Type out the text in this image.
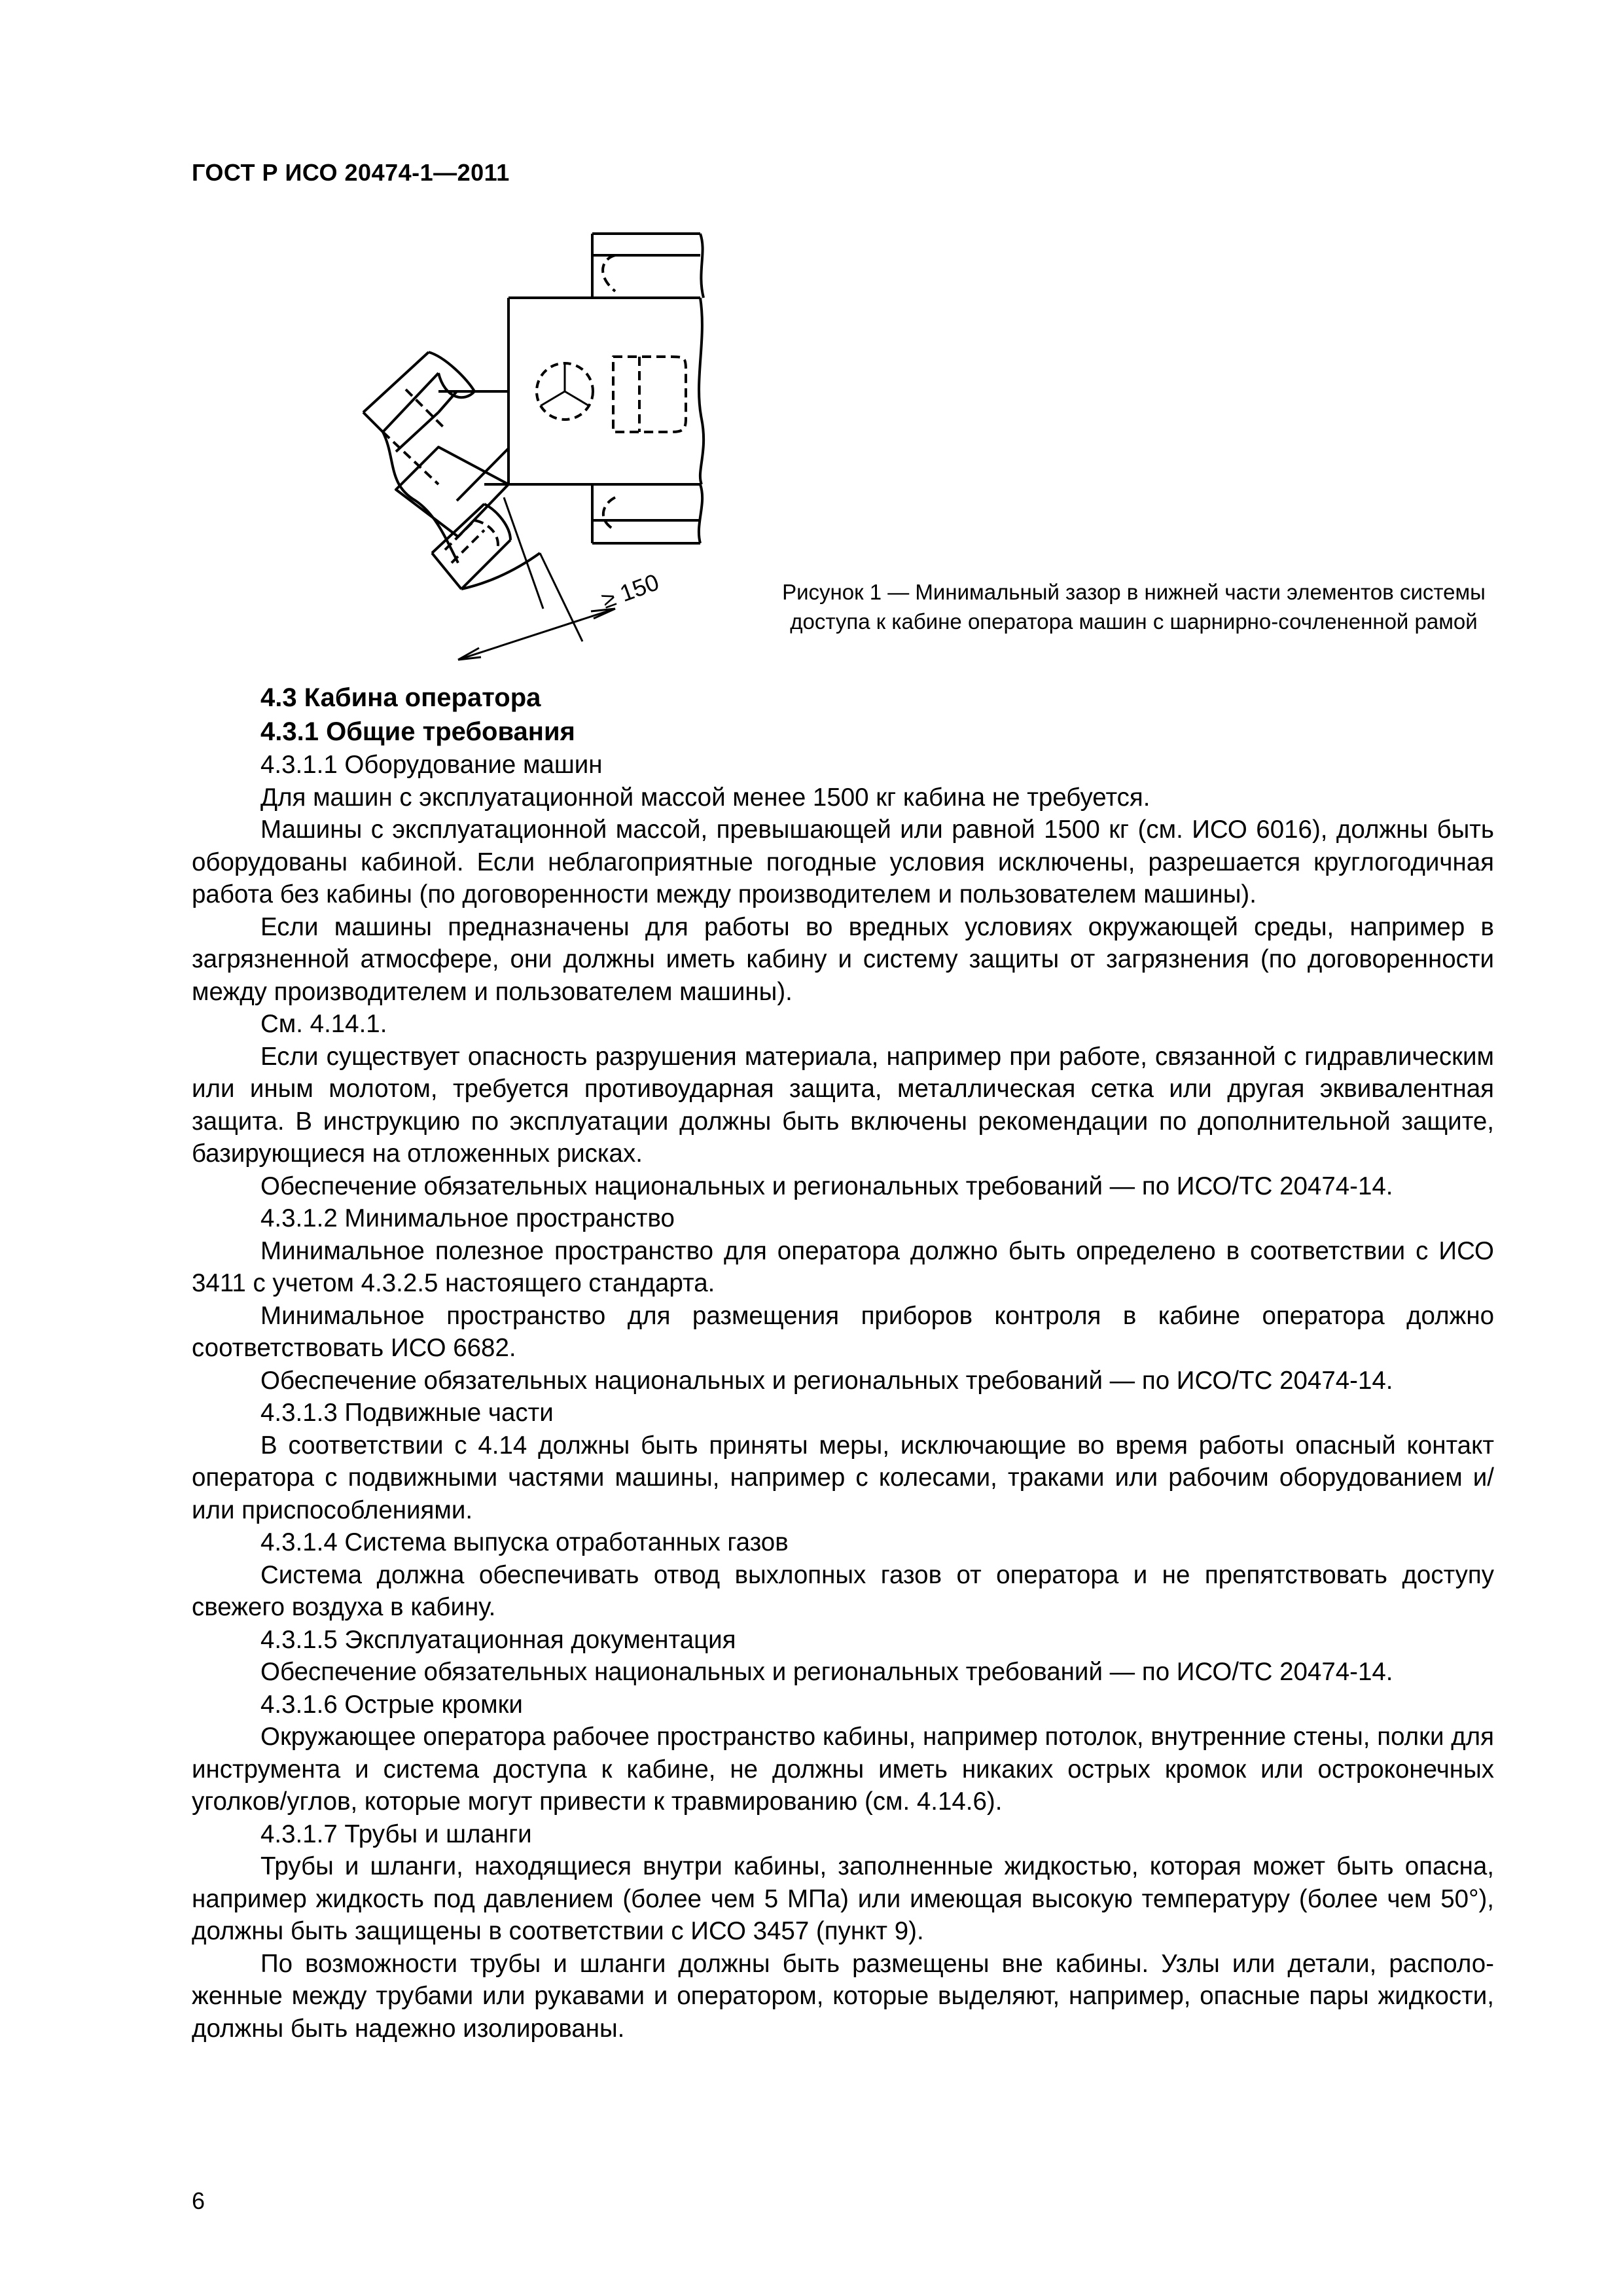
ГОСТ Р ИСО 20474-1—2011
≥ 150	Рисунок 1 — Минимальный зазор в нижней части элементов системы доступа к кабине оператора машин с шарнирно-сочлененной рамой

4.3 Кабина оператора

4.3.1 Общие требования

4.3.1.1 Оборудование машин

Для машин с эксплуатационной массой менее 1500 кг кабина не требуется.

Машины с эксплуатационной массой, превышающей или равной 1500 кг (см. ИСО 6016), должны быть оборудованы кабиной. Если неблагоприятные погодные условия исключены, разрешается круглогодичная работа без кабины (по договоренности между производителем и пользователем машины).

Если машины предназначены для работы во вредных условиях окружающей среды, например в загрязненной атмосфере, они должны иметь кабину и систему защиты от загрязнения (по договоренности между производителем и пользователем машины).

См. 4.14.1.

Если существует опасность разрушения материала, например при работе, связанной с гидравлическим или иным молотом, требуется противоударная защита, металлическая сетка или другая эквивалентная защита. В инструкцию по эксплуатации должны быть включены рекомендации по дополнительной защите, базирующиеся на отложенных рисках.

Обеспечение обязательных национальных и региональных требований — по ИСО/ТС 20474-14.

4.3.1.2 Минимальное пространство

Минимальное полезное пространство для оператора должно быть определено в соответствии с ИСО 3411 с учетом 4.3.2.5 настоящего стандарта.

Минимальное пространство для размещения приборов контроля в кабине оператора должно соответствовать ИСО 6682.

Обеспечение обязательных национальных и региональных требований — по ИСО/ТС 20474-14.

4.3.1.3 Подвижные части

В соответствии с 4.14 должны быть приняты меры, исключающие во время работы опасный контакт оператора с подвижными частями машины, например с колесами, траками или рабочим оборудованием и/или приспособлениями.

4.3.1.4 Система выпуска отработанных газов

Система должна обеспечивать отвод выхлопных газов от оператора и не препятствовать доступу свежего воздуха в кабину.

4.3.1.5 Эксплуатационная документация

Обеспечение обязательных национальных и региональных требований — по ИСО/ТС 20474-14.

4.3.1.6 Острые кромки

Окружающее оператора рабочее пространство кабины, например потолок, внутренние стены, полки для инструмента и система доступа к кабине, не должны иметь никаких острых кромок или остроконечных уголков/углов, которые могут привести к травмированию (см. 4.14.6).

4.3.1.7 Трубы и шланги

Трубы и шланги, находящиеся внутри кабины, заполненные жидкостью, которая может быть опасна, например жидкость под давлением (более чем 5 МПа) или имеющая высокую температуру (более чем 50°), должны быть защищены в соответствии с ИСО 3457 (пункт 9).

По возможности трубы и шланги должны быть размещены вне кабины. Узлы или детали, расположенные между трубами или рукавами и оператором, которые выделяют, например, опасные пары жидкости, должны быть надежно изолированы.

6
